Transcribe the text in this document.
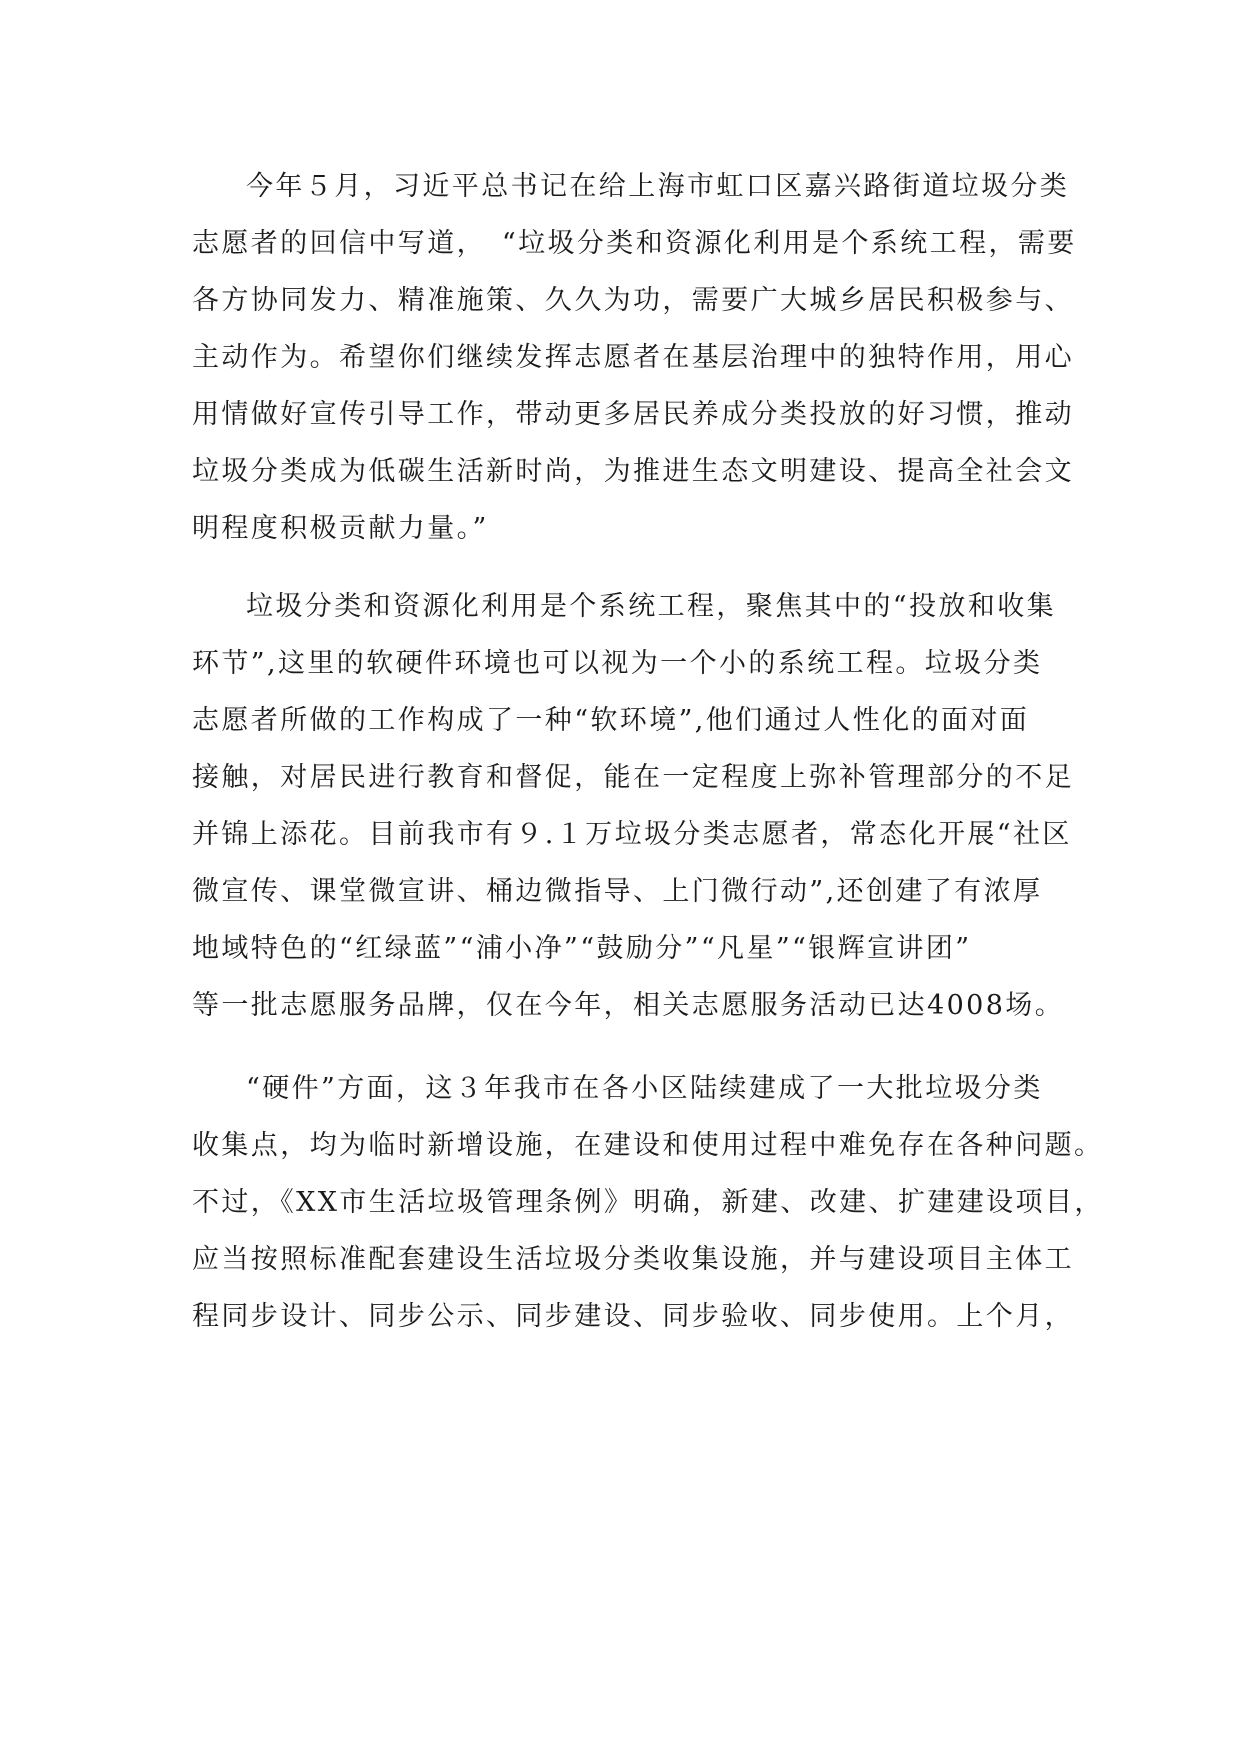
今年５月，习近平总书记在给上海市虹口区嘉兴路街道垃圾分类
志愿者的回信中写道，　“垃圾分类和资源化利用是个系统工程，需要
各方协同发力、精准施策、久久为功，需要广大城乡居民积极参与、
主动作为。希望你们继续发挥志愿者在基层治理中的独特作用，用心
用情做好宣传引导工作，带动更多居民养成分类投放的好习惯，推动
垃圾分类成为低碳生活新时尚，为推进生态文明建设、提高全社会文
明程度积极贡献力量。”
垃圾分类和资源化利用是个系统工程，聚焦其中的“投放和收集
环节”,这里的软硬件环境也可以视为一个小的系统工程。垃圾分类
志愿者所做的工作构成了一种“软环境”,他们通过人性化的面对面
接触，对居民进行教育和督促，能在一定程度上弥补管理部分的不足
并锦上添花。目前我市有９.１万垃圾分类志愿者，常态化开展“社区
微宣传、课堂微宣讲、桶边微指导、上门微行动”,还创建了有浓厚
地域特色的“红绿蓝”“浦小净”“鼓励分”“凡星”“银辉宣讲团”
等一批志愿服务品牌，仅在今年，相关志愿服务活动已达4008场。
“硬件”方面，这３年我市在各小区陆续建成了一大批垃圾分类
收集点，均为临时新增设施，在建设和使用过程中难免存在各种问题。
不过，《XX市生活垃圾管理条例》明确，新建、改建、扩建建设项目，
应当按照标准配套建设生活垃圾分类收集设施，并与建设项目主体工
程同步设计、同步公示、同步建设、同步验收、同步使用。上个月，
